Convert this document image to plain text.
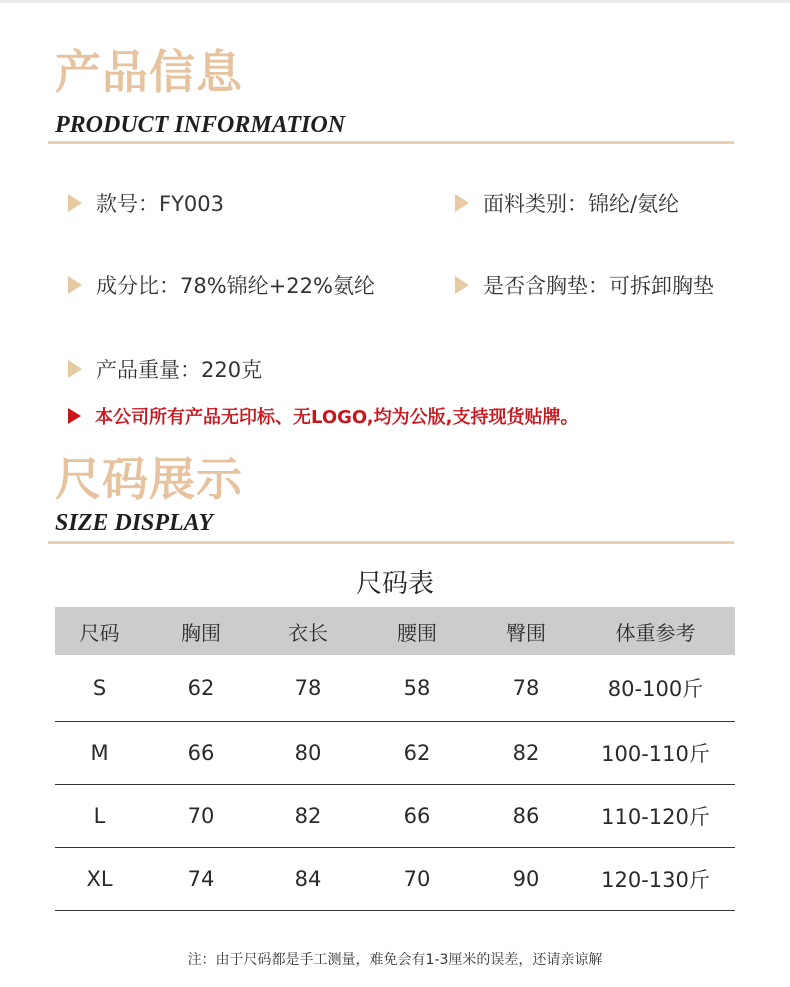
产品信息
PRODUCT INFORMATION
款号：FY003	面料类别：锦纶/氨纶
成分比：78%锦纶+22%氨纶	是否含胸垫：可拆卸胸垫
产品重量：220克
本公司所有产品无印标、无LOGO,均为公版,支持现货贴牌。
尺码展示
SIZE DISPLAY

尺码表

尺码	胸围	衣长	腰围	臀围	体重参考
S	62	78	58	78	80-100斤
M	66	80	62	82	100-110斤
L	70	82	66	86	110-120斤
XL	74	84	70	90	120-130斤

注：由于尺码都是手工测量，难免会有1-3厘米的误差，还请亲谅解
